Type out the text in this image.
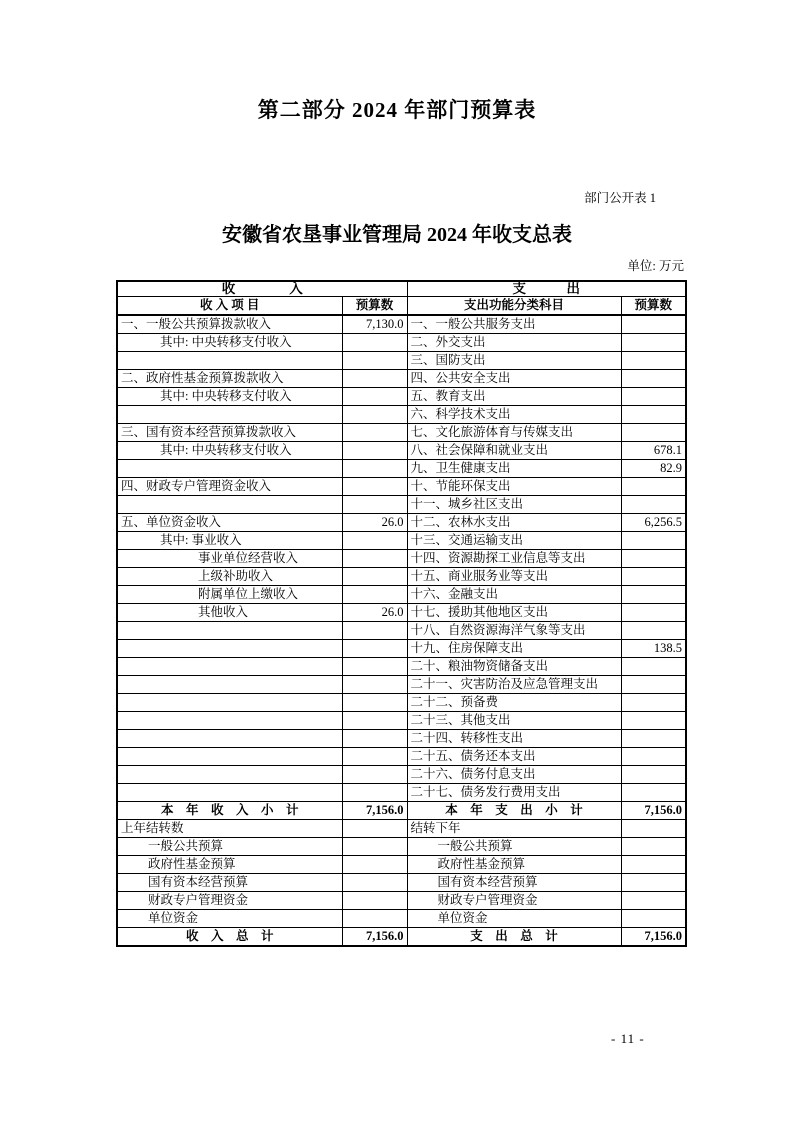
第二部分 2024 年部门预算表
部门公开表 1
安徽省农垦事业管理局 2024 年收支总表
单位: 万元
收　　　　入		支　　　出	
收 入 项 目	预算数	支出功能分类科目	预算数
一、一般公共预算拨款收入	7,130.0	一、一般公共服务支出	
其中: 中央转移支付收入		二、外交支出	
		三、国防支出	
二、政府性基金预算拨款收入		四、公共安全支出	
其中: 中央转移支付收入		五、教育支出	
		六、科学技术支出	
三、国有资本经营预算拨款收入		七、文化旅游体育与传媒支出	
其中: 中央转移支付收入		八、社会保障和就业支出	678.1
		九、卫生健康支出	82.9
四、财政专户管理资金收入		十、节能环保支出	
		十一、城乡社区支出	
五、单位资金收入	26.0	十二、农林水支出	6,256.5
其中: 事业收入		十三、交通运输支出	
事业单位经营收入		十四、资源勘探工业信息等支出	
上级补助收入		十五、商业服务业等支出	
附属单位上缴收入		十六、金融支出	
其他收入	26.0	十七、援助其他地区支出	
		十八、自然资源海洋气象等支出	
		十九、住房保障支出	138.5
		二十、粮油物资储备支出	
		二十一、灾害防治及应急管理支出	
		二十二、预备费	
		二十三、其他支出	
		二十四、转移性支出	
		二十五、债务还本支出	
		二十六、债务付息支出	
		二十七、债务发行费用支出	
本　年　收　入　小　计	7,156.0	本　年　支　出　小　计	7,156.0
上年结转数		结转下年	
一般公共预算		一般公共预算	
政府性基金预算		政府性基金预算	
国有资本经营预算		国有资本经营预算	
财政专户管理资金		财政专户管理资金	
单位资金		单位资金	
收　入　总　计	7,156.0	支　出　总　计	7,156.0
- 11 -
